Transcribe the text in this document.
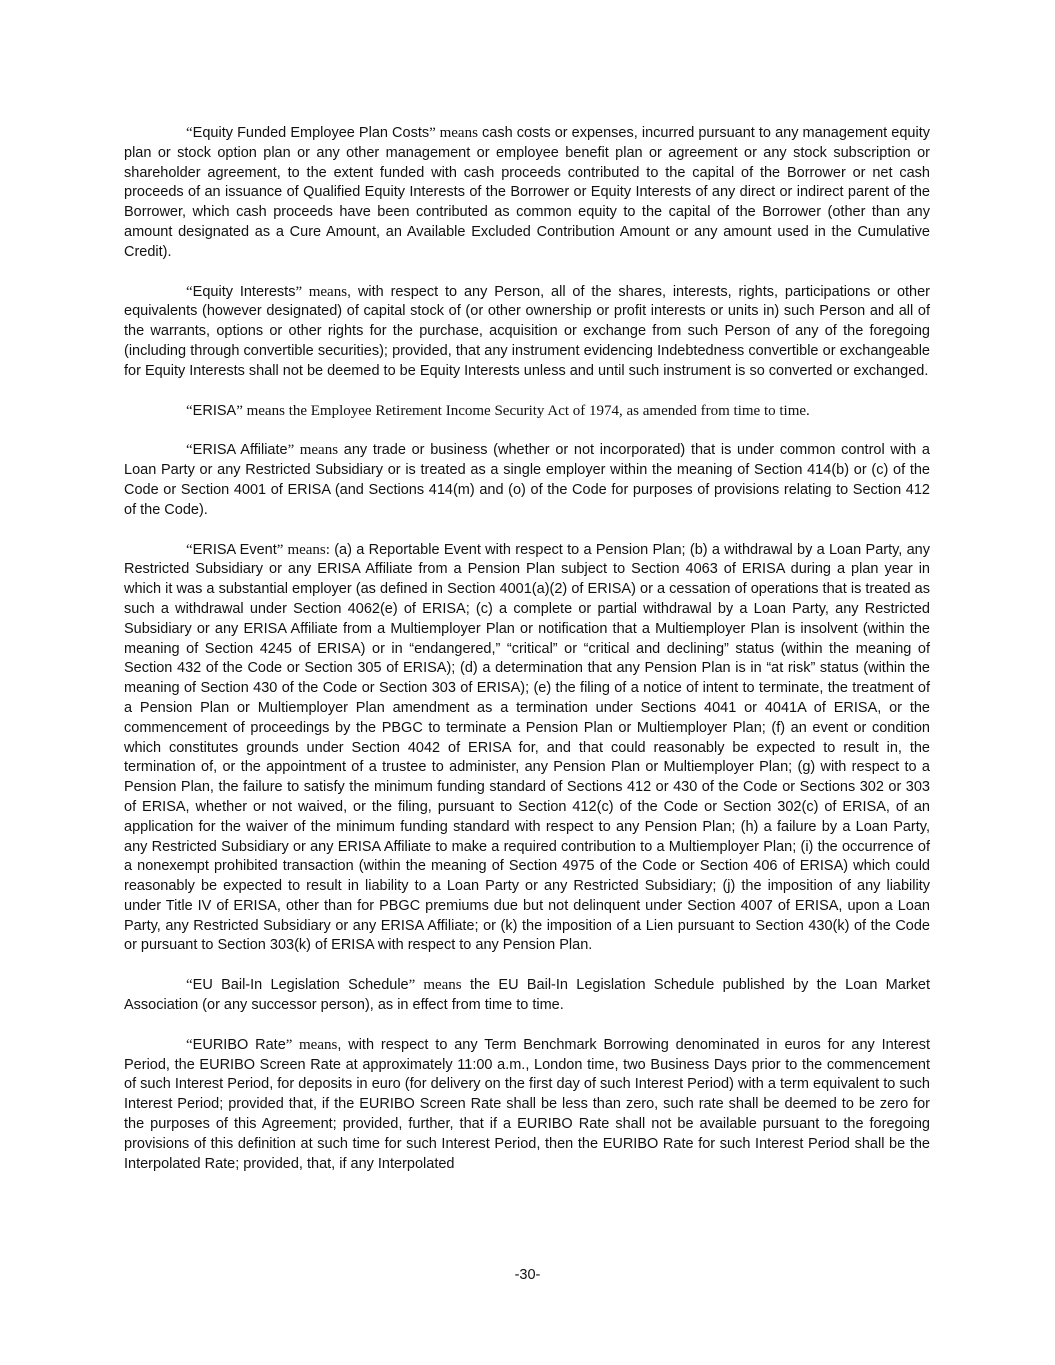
“Equity Funded Employee Plan Costs” means cash costs or expenses, incurred pursuant to any management equity plan or stock option plan or any other management or employee benefit plan or agreement or any stock subscription or shareholder agreement, to the extent funded with cash proceeds contributed to the capital of the Borrower or net cash proceeds of an issuance of Qualified Equity Interests of the Borrower or Equity Interests of any direct or indirect parent of the Borrower, which cash proceeds have been contributed as common equity to the capital of the Borrower (other than any amount designated as a Cure Amount, an Available Excluded Contribution Amount or any amount used in the Cumulative Credit).

“Equity Interests” means, with respect to any Person, all of the shares, interests, rights, participations or other equivalents (however designated) of capital stock of (or other ownership or profit interests or units in) such Person and all of the warrants, options or other rights for the purchase, acquisition or exchange from such Person of any of the foregoing (including through convertible securities); provided, that any instrument evidencing Indebtedness convertible or exchangeable for Equity Interests shall not be deemed to be Equity Interests unless and until such instrument is so converted or exchanged.

“ERISA” means the Employee Retirement Income Security Act of 1974, as amended from time to time.

“ERISA Affiliate” means any trade or business (whether or not incorporated) that is under common control with a Loan Party or any Restricted Subsidiary or is treated as a single employer within the meaning of Section 414(b) or (c) of the Code or Section 4001 of ERISA (and Sections 414(m) and (o) of the Code for purposes of provisions relating to Section 412 of the Code).

“ERISA Event” means: (a) a Reportable Event with respect to a Pension Plan; (b) a withdrawal by a Loan Party, any Restricted Subsidiary or any ERISA Affiliate from a Pension Plan subject to Section 4063 of ERISA during a plan year in which it was a substantial employer (as defined in Section 4001(a)(2) of ERISA) or a cessation of operations that is treated as such a withdrawal under Section 4062(e) of ERISA; (c) a complete or partial withdrawal by a Loan Party, any Restricted Subsidiary or any ERISA Affiliate from a Multiemployer Plan or notification that a Multiemployer Plan is insolvent (within the meaning of Section 4245 of ERISA) or in “endangered,” “critical” or “critical and declining” status (within the meaning of Section 432 of the Code or Section 305 of ERISA); (d) a determination that any Pension Plan is in “at risk” status (within the meaning of Section 430 of the Code or Section 303 of ERISA); (e) the filing of a notice of intent to terminate, the treatment of a Pension Plan or Multiemployer Plan amendment as a termination under Sections 4041 or 4041A of ERISA, or the commencement of proceedings by the PBGC to terminate a Pension Plan or Multiemployer Plan; (f) an event or condition which constitutes grounds under Section 4042 of ERISA for, and that could reasonably be expected to result in, the termination of, or the appointment of a trustee to administer, any Pension Plan or Multiemployer Plan; (g) with respect to a Pension Plan, the failure to satisfy the minimum funding standard of Sections 412 or 430 of the Code or Sections 302 or 303 of ERISA, whether or not waived, or the filing, pursuant to Section 412(c) of the Code or Section 302(c) of ERISA, of an application for the waiver of the minimum funding standard with respect to any Pension Plan; (h) a failure by a Loan Party, any Restricted Subsidiary or any ERISA Affiliate to make a required contribution to a Multiemployer Plan; (i) the occurrence of a nonexempt prohibited transaction (within the meaning of Section 4975 of the Code or Section 406 of ERISA) which could reasonably be expected to result in liability to a Loan Party or any Restricted Subsidiary; (j) the imposition of any liability under Title IV of ERISA, other than for PBGC premiums due but not delinquent under Section 4007 of ERISA, upon a Loan Party, any Restricted Subsidiary or any ERISA Affiliate; or (k) the imposition of a Lien pursuant to Section 430(k) of the Code or pursuant to Section 303(k) of ERISA with respect to any Pension Plan.

“EU Bail-In Legislation Schedule” means the EU Bail-In Legislation Schedule published by the Loan Market Association (or any successor person), as in effect from time to time.

“EURIBO Rate” means, with respect to any Term Benchmark Borrowing denominated in euros for any Interest Period, the EURIBO Screen Rate at approximately 11:00 a.m., London time, two Business Days prior to the commencement of such Interest Period, for deposits in euro (for delivery on the first day of such Interest Period) with a term equivalent to such Interest Period; provided that, if the EURIBO Screen Rate shall be less than zero, such rate shall be deemed to be zero for the purposes of this Agreement; provided, further, that if a EURIBO Rate shall not be available pursuant to the foregoing provisions of this definition at such time for such Interest Period, then the EURIBO Rate for such Interest Period shall be the Interpolated Rate; provided, that, if any Interpolated

-30-
